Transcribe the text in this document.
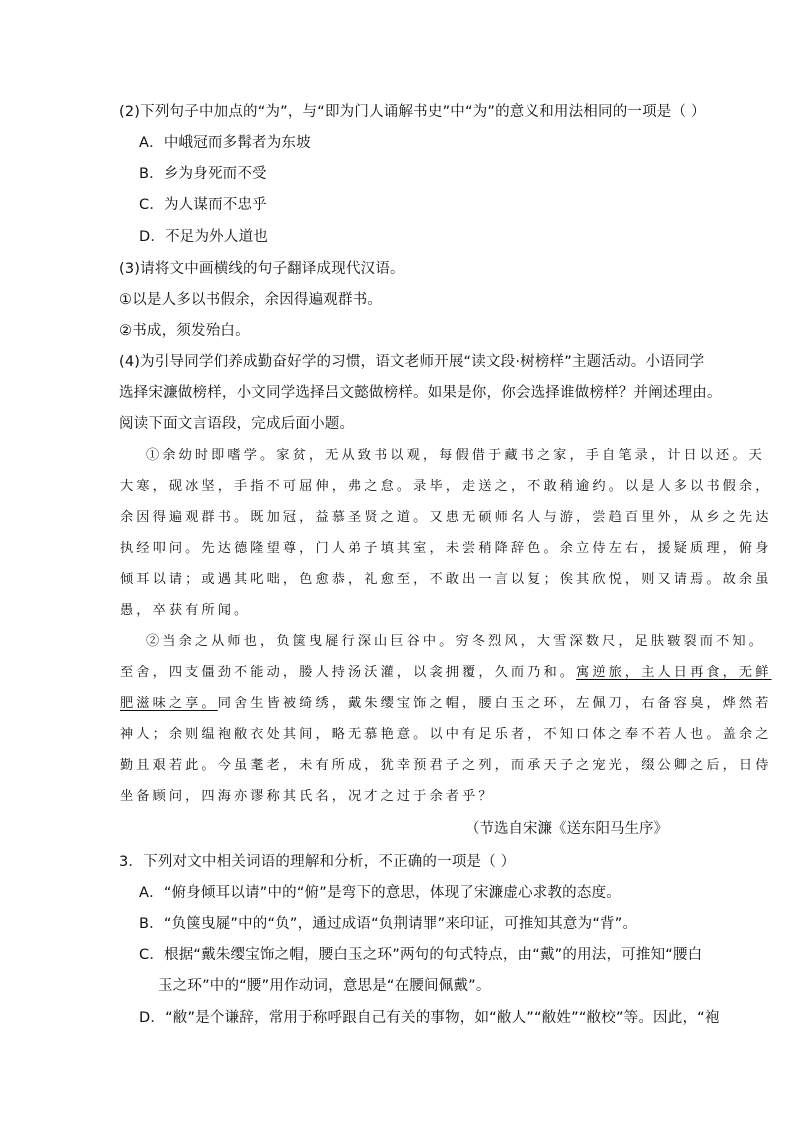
(2)下列句子中加点的“为”，与“即为门人诵解书史”中“为”的意义和用法相同的一项是（ ）
A．中峨冠而多髯者为东坡
B．乡为身死而不受
C．为人谋而不忠乎
D．不足为外人道也
(3)请将文中画横线的句子翻译成现代汉语。
①以是人多以书假余，余因得遍观群书。
②书成，须发殆白。
(4)为引导同学们养成勤奋好学的习惯，语文老师开展“读文段·树榜样”主题活动。小语同学
选择宋濂做榜样，小文同学选择吕文懿做榜样。如果是你，你会选择谁做榜样？并阐述理由。
阅读下面文言语段，完成后面小题。
①余幼时即嗜学。家贫，无从致书以观，每假借于藏书之家，手自笔录，计日以还。天
大寒，砚冰坚，手指不可屈伸，弗之怠。录毕，走送之，不敢稍逾约。以是人多以书假余，
余因得遍观群书。既加冠，益慕圣贤之道。又患无硕师名人与游，尝趋百里外，从乡之先达
执经叩问。先达德隆望尊，门人弟子填其室，未尝稍降辞色。余立侍左右，援疑质理，俯身
倾耳以请；或遇其叱咄，色愈恭，礼愈至，不敢出一言以复；俟其欣悦，则又请焉。故余虽
愚，卒获有所闻。
②当余之从师也，负箧曳屣行深山巨谷中。穷冬烈风，大雪深数尺，足肤皲裂而不知。
至舍，四支僵劲不能动，媵人持汤沃灌，以衾拥覆，久而乃和。寓逆旅，主人日再食，无鲜
肥滋味之享。同舍生皆被绮绣，戴朱缨宝饰之帽，腰白玉之环，左佩刀，右备容臭，烨然若
神人；余则缊袍敝衣处其间，略无慕艳意。以中有足乐者，不知口体之奉不若人也。盖余之
勤且艰若此。今虽耄老，未有所成，犹幸预君子之列，而承天子之宠光，缀公卿之后，日侍
坐备顾问，四海亦谬称其氏名，况才之过于余者乎？
（节选自宋濂《送东阳马生序》
3．下列对文中相关词语的理解和分析，不正确的一项是（ ）
A．“俯身倾耳以请”中的“俯”是弯下的意思，体现了宋濂虚心求教的态度。
B．“负箧曳屣”中的“负”，通过成语“负荆请罪”来印证，可推知其意为“背”。
C．根据“戴朱缨宝饰之帽，腰白玉之环”两句的句式特点，由“戴”的用法，可推知“腰白
玉之环”中的“腰”用作动词，意思是“在腰间佩戴”。
D．“敝”是个谦辞，常用于称呼跟自己有关的事物，如“敝人”“敝姓”“敝校”等。因此，“袍
